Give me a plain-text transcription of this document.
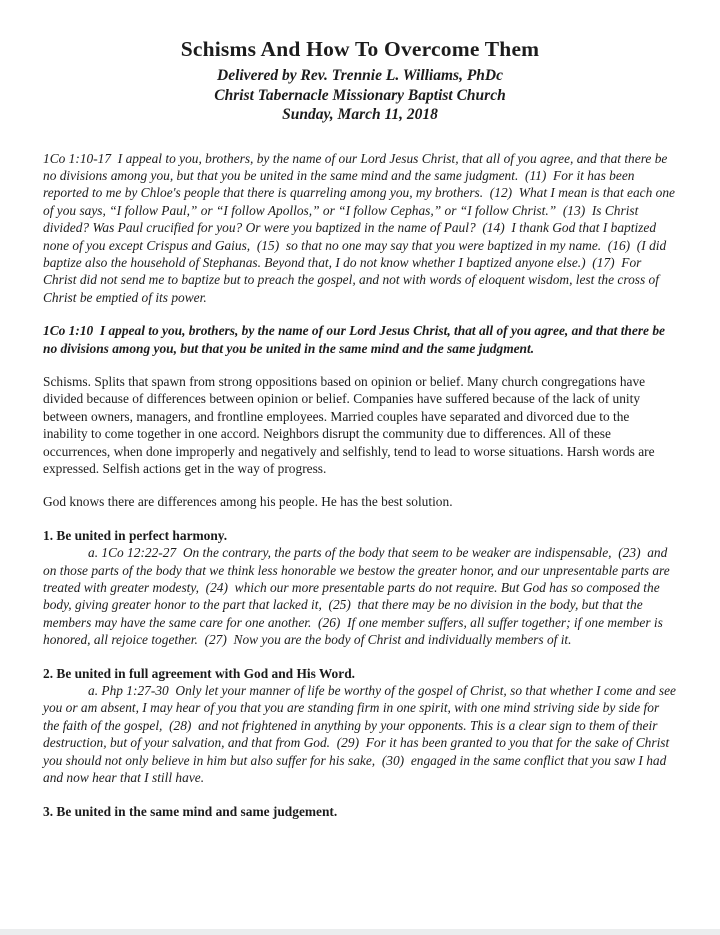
Schisms And How To Overcome Them

Delivered by Rev. Trennie L. Williams, PhDc

Christ Tabernacle Missionary Baptist Church

Sunday, March 11, 2018

1Co 1:10-17  I appeal to you, brothers, by the name of our Lord Jesus Christ, that all of you agree, and that there be no divisions among you, but that you be united in the same mind and the same judgment.  (11)  For it has been reported to me by Chloe's people that there is quarreling among you, my brothers.  (12)  What I mean is that each one of you says, “I follow Paul,” or “I follow Apollos,” or “I follow Cephas,” or “I follow Christ.”  (13)  Is Christ divided? Was Paul crucified for you? Or were you baptized in the name of Paul?  (14)  I thank God that I baptized none of you except Crispus and Gaius,  (15)  so that no one may say that you were baptized in my name.  (16)  (I did baptize also the household of Stephanas. Beyond that, I do not know whether I baptized anyone else.)  (17)  For Christ did not send me to baptize but to preach the gospel, and not with words of eloquent wisdom, lest the cross of Christ be emptied of its power.

1Co 1:10  I appeal to you, brothers, by the name of our Lord Jesus Christ, that all of you agree, and that there be no divisions among you, but that you be united in the same mind and the same judgment.

Schisms. Splits that spawn from strong oppositions based on opinion or belief. Many church congregations have divided because of differences between opinion or belief. Companies have suffered because of the lack of unity between owners, managers, and frontline employees. Married couples have separated and divorced due to the inability to come together in one accord. Neighbors disrupt the community due to differences. All of these occurrences, when done improperly and negatively and selfishly, tend to lead to worse situations. Harsh words are expressed. Selfish actions get in the way of progress.

God knows there are differences among his people. He has the best solution.

1. Be united in perfect harmony.

a. 1Co 12:22-27  On the contrary, the parts of the body that seem to be weaker are indispensable,  (23)  and on those parts of the body that we think less honorable we bestow the greater honor, and our unpresentable parts are treated with greater modesty,  (24)  which our more presentable parts do not require. But God has so composed the body, giving greater honor to the part that lacked it,  (25)  that there may be no division in the body, but that the members may have the same care for one another.  (26)  If one member suffers, all suffer together; if one member is honored, all rejoice together.  (27)  Now you are the body of Christ and individually members of it.

2. Be united in full agreement with God and His Word.

a. Php 1:27-30  Only let your manner of life be worthy of the gospel of Christ, so that whether I come and see you or am absent, I may hear of you that you are standing firm in one spirit, with one mind striving side by side for the faith of the gospel,  (28)  and not frightened in anything by your opponents. This is a clear sign to them of their destruction, but of your salvation, and that from God.  (29)  For it has been granted to you that for the sake of Christ you should not only believe in him but also suffer for his sake,  (30)  engaged in the same conflict that you saw I had and now hear that I still have.

3. Be united in the same mind and same judgement.
